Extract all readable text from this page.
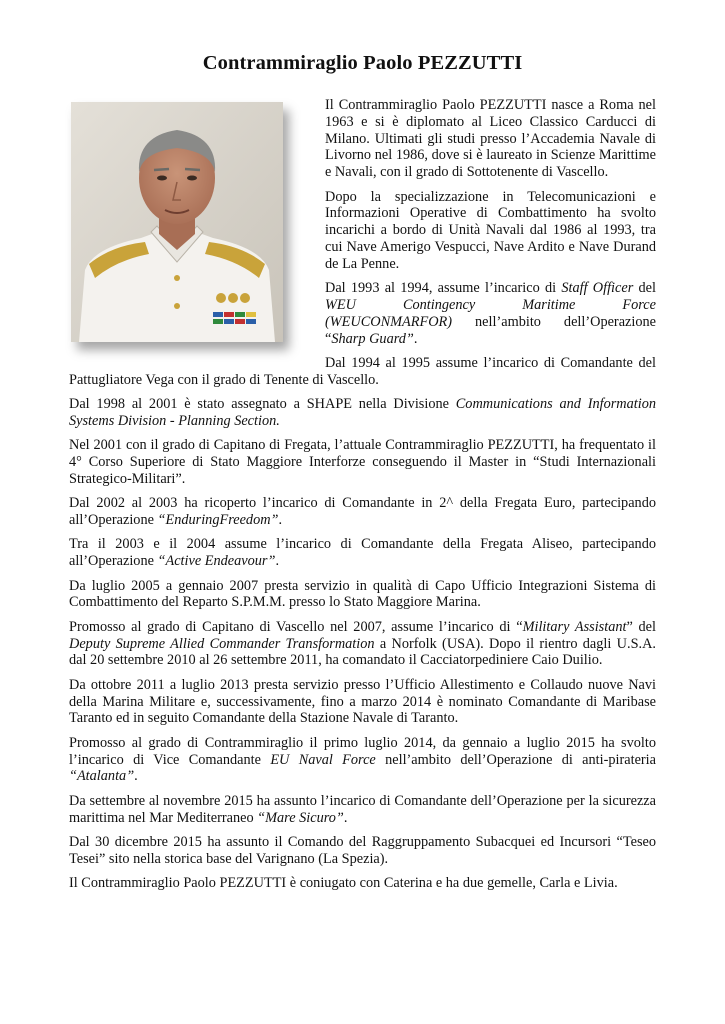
Contrammiraglio Paolo PEZZUTTI

Il Contrammiraglio Paolo PEZZUTTI nasce a Roma nel 1963 e si è diplomato al Liceo Classico Carducci di Milano. Ultimati gli studi presso l’Accademia Navale di Livorno nel 1986, dove si è laureato in Scienze Marittime e Navali, con il grado di Sottotenente di Vascello.

Dopo la specializzazione in Telecomunicazioni e Informazioni Operative di Combattimento ha svolto incarichi a bordo di Unità Navali dal 1986 al 1993, tra cui Nave Amerigo Vespucci, Nave Ardito e Nave Durand de La Penne.

Dal 1993 al 1994, assume l’incarico di Staff Officer del WEU Contingency Maritime Force (WEUCONMARFOR) nell’ambito dell’Operazione “Sharp Guard”.

Dal 1994 al 1995 assume l’incarico di Comandante del Pattugliatore Vega con il grado di Tenente di Vascello.

Dal 1998 al 2001 è stato assegnato a SHAPE nella Divisione Communications and Information Systems Division - Planning Section.

Nel 2001 con il grado di Capitano di Fregata, l’attuale Contrammiraglio PEZZUTTI, ha frequentato il 4° Corso Superiore di Stato Maggiore Interforze conseguendo il Master in “Studi Internazionali Strategico-Militari”.

Dal 2002 al 2003 ha ricoperto l’incarico di Comandante in 2^ della Fregata Euro, partecipando all’Operazione “EnduringFreedom”.

Tra il 2003 e il 2004 assume l’incarico di Comandante della Fregata Aliseo, partecipando all’Operazione “Active Endeavour”.

Da luglio 2005 a gennaio 2007 presta servizio in qualità di Capo Ufficio Integrazioni Sistema di Combattimento del Reparto S.P.M.M. presso lo Stato Maggiore Marina.

Promosso al grado di Capitano di Vascello nel 2007, assume l’incarico di “Military Assistant” del Deputy Supreme Allied Commander Transformation a Norfolk (USA). Dopo il rientro dagli U.S.A. dal 20 settembre 2010 al 26 settembre 2011, ha comandato il Cacciatorpediniere Caio Duilio.

Da ottobre 2011 a luglio 2013 presta servizio presso l’Ufficio Allestimento e Collaudo nuove Navi della Marina Militare e, successivamente, fino a marzo 2014 è nominato Comandante di Maribase Taranto ed in seguito Comandante della Stazione Navale di Taranto.

Promosso al grado di Contrammiraglio il primo luglio 2014, da gennaio a luglio 2015 ha svolto l’incarico di Vice Comandante EU Naval Force nell’ambito dell’Operazione di anti-pirateria “Atalanta”.

Da settembre al novembre 2015 ha assunto l’incarico di Comandante dell’Operazione per la sicurezza marittima nel Mar Mediterraneo “Mare Sicuro”.

Dal 30 dicembre 2015 ha assunto il Comando del Raggruppamento Subacquei ed Incursori “Teseo Tesei” sito nella storica base del Varignano (La Spezia).

Il Contrammiraglio Paolo PEZZUTTI è coniugato con Caterina e ha due gemelle, Carla e Livia.
